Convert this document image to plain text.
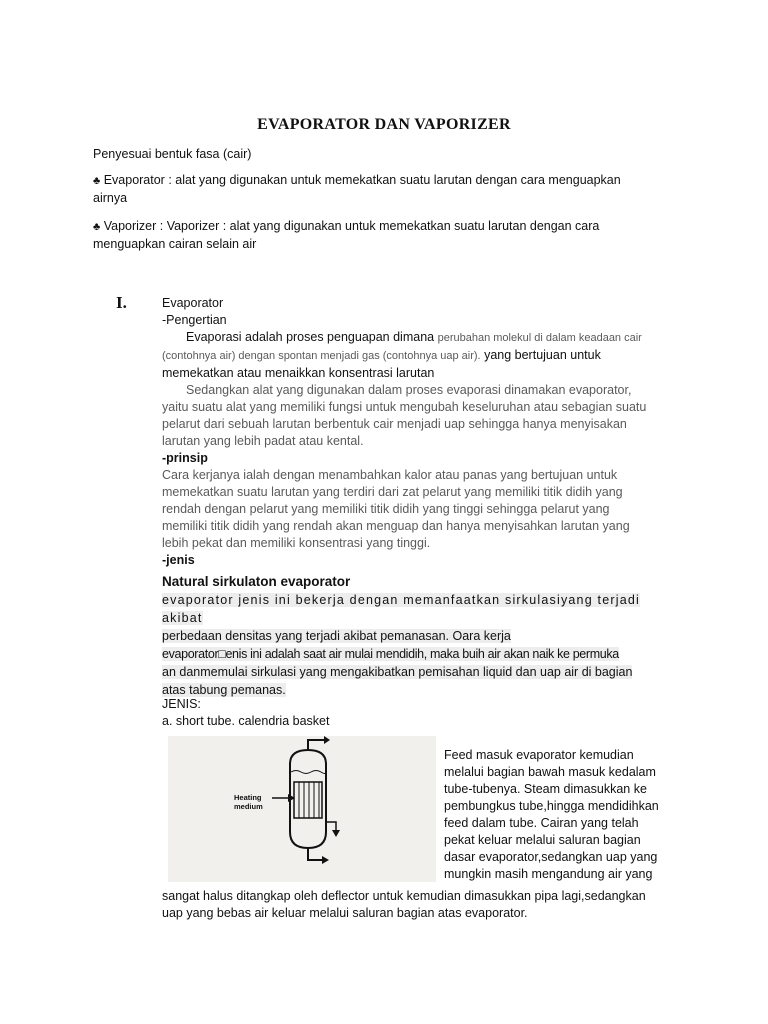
EVAPORATOR DAN VAPORIZER
Penyesuai bentuk fasa (cair)
♣ Evaporator : alat yang digunakan untuk memekatkan suatu larutan dengan cara menguapkan
airnya
♣ Vaporizer : Vaporizer : alat yang digunakan untuk memekatkan suatu larutan dengan cara
menguapkan cairan selain air
I.	Evaporator
-Pengertian
Evaporasi adalah proses penguapan dimana perubahan molekul di dalam keadaan cair
(contohnya air) dengan spontan menjadi gas (contohnya uap air). yang bertujuan untuk
memekatkan atau menaikkan konsentrasi larutan
Sedangkan alat yang digunakan dalam proses evaporasi dinamakan evaporator,
yaitu suatu alat yang memiliki fungsi untuk mengubah keseluruhan atau sebagian suatu
pelarut dari sebuah larutan berbentuk cair menjadi uap sehingga hanya menyisakan
larutan yang lebih padat atau kental.
-prinsip
Cara kerjanya ialah dengan menambahkan kalor atau panas yang bertujuan untuk
memekatkan suatu larutan yang terdiri dari zat pelarut yang memiliki titik didih yang
rendah dengan pelarut yang memiliki titik didih yang tinggi sehingga pelarut yang
memiliki titik didih yang rendah akan menguap dan hanya menyisahkan larutan yang
lebih pekat dan memiliki konsentrasi yang tinggi.
-jenis
Natural sirkulaton evaporator
evaporator jenis ini bekerja dengan memanfaatkan sirkulasiyang terjadi akibat
perbedaan densitas yang terjadi akibat pemanasan. Oara kerja
evaporator□enis ini adalah saat air mulai mendidih, maka buih air akan naik ke permuka
an danmemulai sirkulasi yang mengakibatkan pemisahan liquid dan uap air di bagian
atas tabung pemanas.
JENIS:
a. short tube. calendria basket
Heating
medium
Feed masuk evaporator kemudian
melalui bagian bawah masuk kedalam
tube-tubenya. Steam dimasukkan ke
pembungkus tube,hingga mendidihkan
feed dalam tube. Cairan yang telah
pekat keluar melalui saluran bagian
dasar evaporator,sedangkan uap yang
mungkin masih mengandung air yang
sangat halus ditangkap oleh deflector untuk kemudian dimasukkan pipa lagi,sedangkan
uap yang bebas air keluar melalui saluran bagian atas evaporator.
